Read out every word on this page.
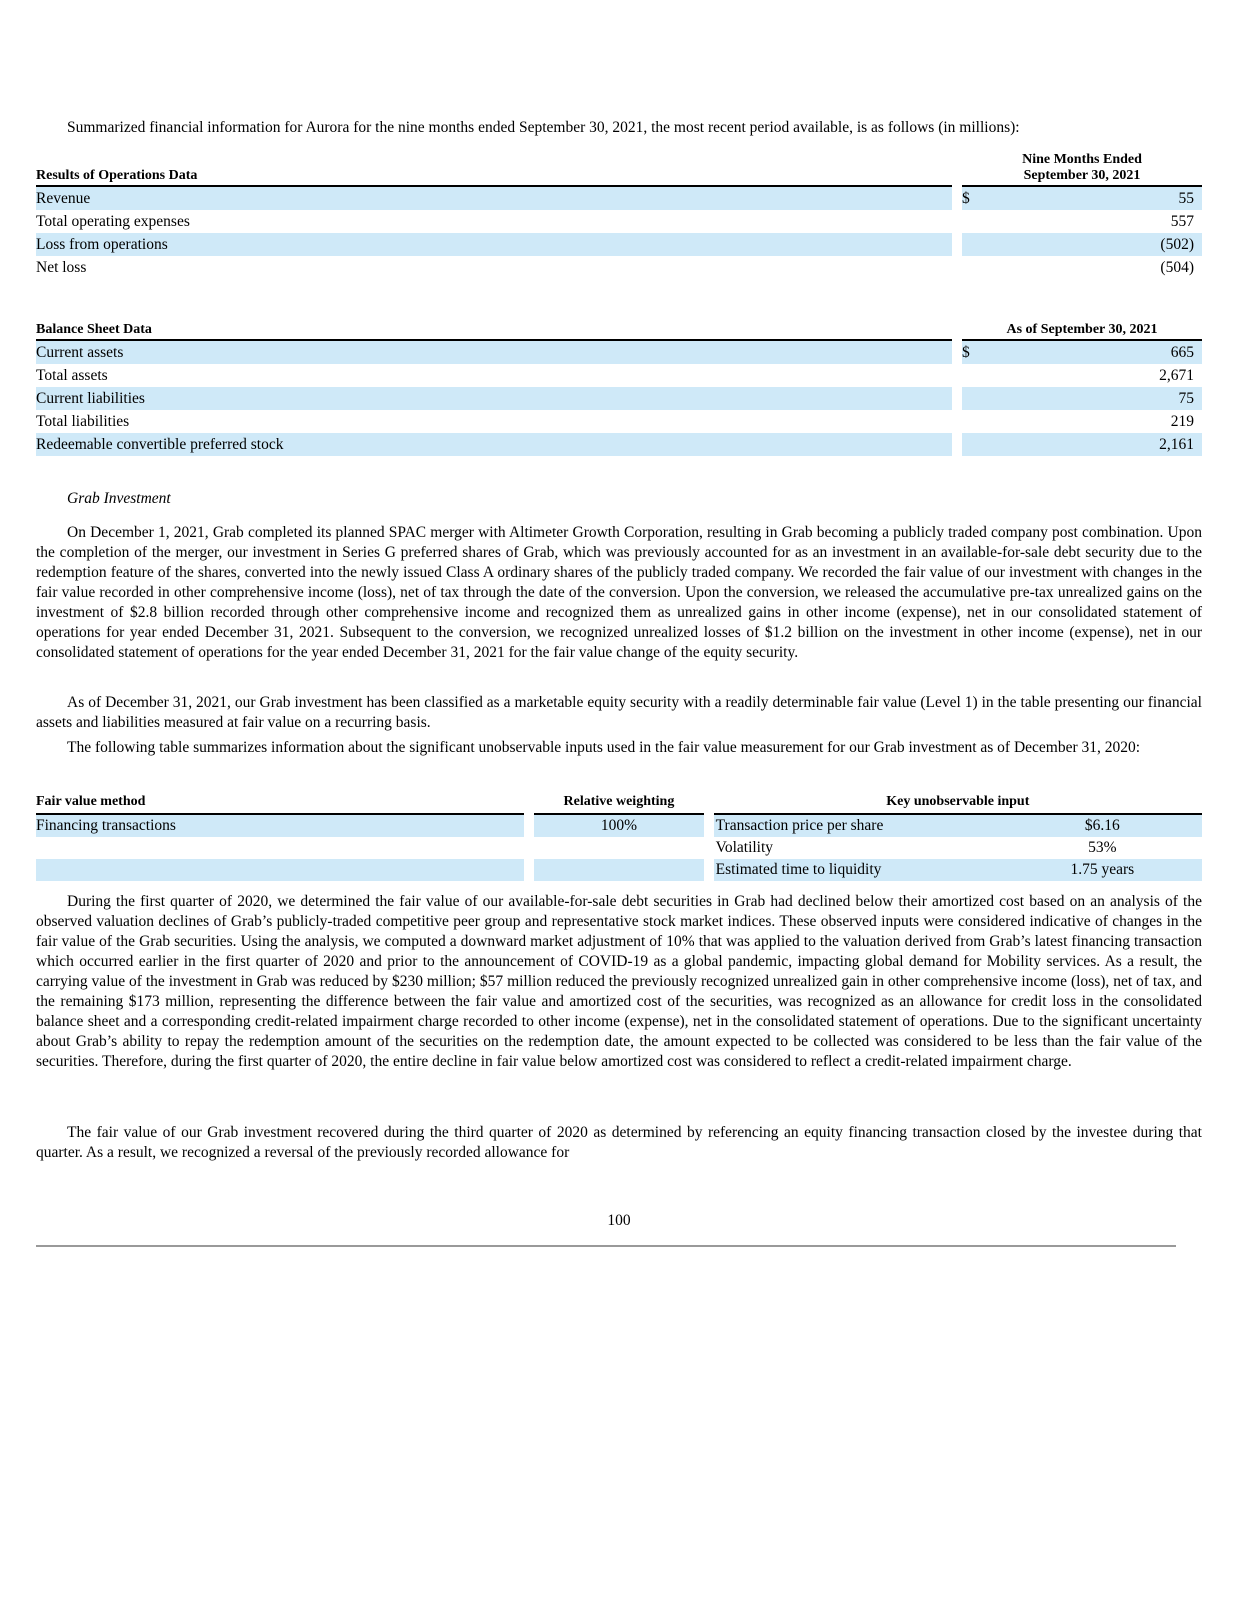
Summarized financial information for Aurora for the nine months ended September 30, 2021, the most recent period available, is as follows (in millions):
Results of Operations Data		Nine Months Ended
September 30, 2021	

Revenue		$	55
Total operating expenses			557
Loss from operations			(502)
Net loss			(504)
Balance Sheet Data		As of September 30, 2021	
Current assets		$	665
Total assets			2,671
Current liabilities			75
Total liabilities			219
Redeemable convertible preferred stock			2,161
Grab Investment
On December 1, 2021, Grab completed its planned SPAC merger with Altimeter Growth Corporation, resulting in Grab becoming a publicly traded company post combination. Upon the completion of the merger, our investment in Series G preferred shares of Grab, which was previously accounted for as an investment in an available-for-sale debt security due to the redemption feature of the shares, converted into the newly issued Class A ordinary shares of the publicly traded company. We recorded the fair value of our investment with changes in the fair value recorded in other comprehensive income (loss), net of tax through the date of the conversion. Upon the conversion, we released the accumulative pre-tax unrealized gains on the investment of $2.8 billion recorded through other comprehensive income and recognized them as unrealized gains in other income (expense), net in our consolidated statement of operations for year ended December 31, 2021. Subsequent to the conversion, we recognized unrealized losses of $1.2 billion on the investment in other income (expense), net in our consolidated statement of operations for the year ended December 31, 2021 for the fair value change of the equity security.
As of December 31, 2021, our Grab investment has been classified as a marketable equity security with a readily determinable fair value (Level 1) in the table presenting our financial assets and liabilities measured at fair value on a recurring basis.
The following table summarizes information about the significant unobservable inputs used in the fair value measurement for our Grab investment as of December 31, 2020:
Fair value method		Relative weighting		Key unobservable input	
Financing transactions		100%		Transaction price per share	$6.16
				Volatility	53%
				Estimated time to liquidity	1.75 years
During the first quarter of 2020, we determined the fair value of our available-for-sale debt securities in Grab had declined below their amortized cost based on an analysis of the observed valuation declines of Grab’s publicly-traded competitive peer group and representative stock market indices. These observed inputs were considered indicative of changes in the fair value of the Grab securities. Using the analysis, we computed a downward market adjustment of 10% that was applied to the valuation derived from Grab’s latest financing transaction which occurred earlier in the first quarter of 2020 and prior to the announcement of COVID-19 as a global pandemic, impacting global demand for Mobility services. As a result, the carrying value of the investment in Grab was reduced by $230 million; $57 million reduced the previously recognized unrealized gain in other comprehensive income (loss), net of tax, and the remaining $173 million, representing the difference between the fair value and amortized cost of the securities, was recognized as an allowance for credit loss in the consolidated balance sheet and a corresponding credit-related impairment charge recorded to other income (expense), net in the consolidated statement of operations. Due to the significant uncertainty about Grab’s ability to repay the redemption amount of the securities on the redemption date, the amount expected to be collected was considered to be less than the fair value of the securities. Therefore, during the first quarter of 2020, the entire decline in fair value below amortized cost was considered to reflect a credit-related impairment charge.
The fair value of our Grab investment recovered during the third quarter of 2020 as determined by referencing an equity financing transaction closed by the investee during that quarter. As a result, we recognized a reversal of the previously recorded allowance for
100
